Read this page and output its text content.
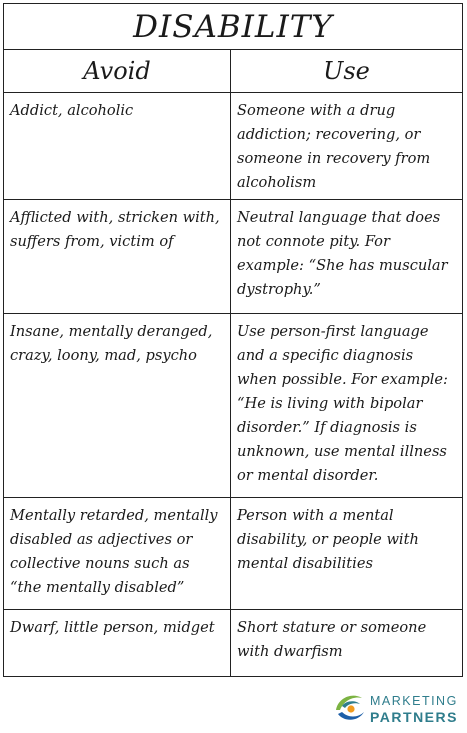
DISABILITY	
Avoid	Use
Addict, alcoholic	Someone with a drug addiction; recovering, or someone in recovery from alcoholism
Afflicted with, stricken with, suffers from, victim of	Neutral language that does not connote pity. For example: “She has muscular dystrophy.”
Insane, mentally deranged, crazy, loony, mad, psycho	Use person-first language and a specific diagnosis when possible. For example: “He is living with bipolar disorder.” If diagnosis is unknown, use mental illness or mental disorder.
Mentally retarded, mentally disabled as adjectives or collective nouns such as “the mentally disabled”	Person with a mental disability, or people with mental disabilities
Dwarf, little person, midget	Short stature or someone with dwarfism
MARKETING
PARTNERS
